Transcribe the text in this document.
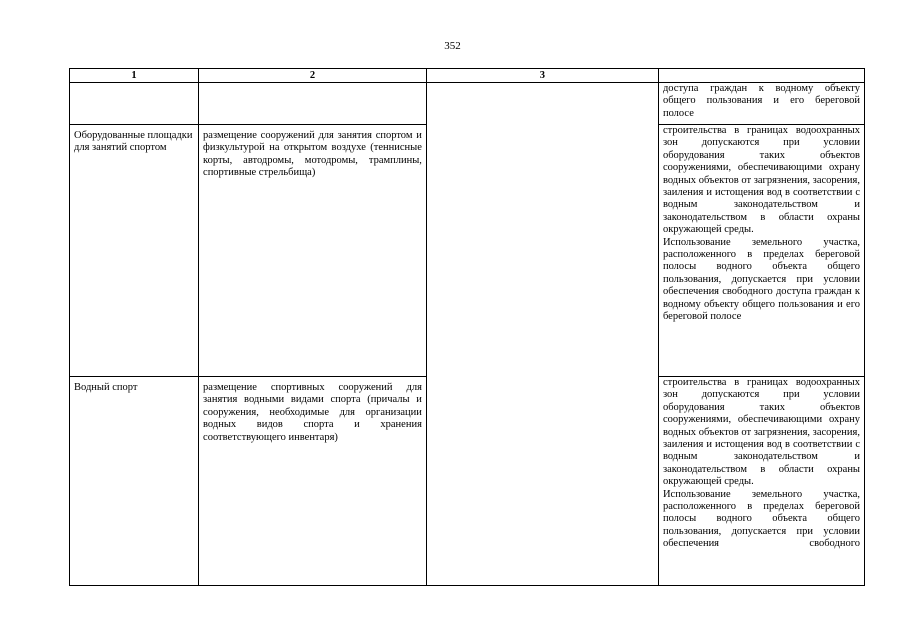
352
1	2	3	

			доступа граждан к водному объекту

общего пользования и его береговой

полосе

Оборудованные площадки для занятий спортом	размещение сооружений для занятия спортом и физкультурой на открытом воздухе (теннисные корты, автодромы, мотодромы, трамплины, спортивные стрельбища)		строительства в границах водоохранных зон допускаются при условии оборудования таких объектов сооружениями, обеспечивающими охрану водных объектов от загрязнения, засорения, заиления и истощения вод в соответствии с водным законодательством и законодательством в области охраны окружающей среды.

Использование земельного участка, расположенного в пределах береговой полосы водного объекта общего пользования, допускается при условии обеспечения свободного доступа граждан к водному объекту общего пользования и его береговой полосе

Водный спорт	размещение спортивных сооружений для занятия водными видами спорта (причалы и сооружения, необходимые для организации водных видов спорта и хранения соответствующего инвентаря)		строительства в границах водоохранных зон допускаются при условии оборудования таких объектов сооружениями, обеспечивающими охрану водных объектов от загрязнения, засорения, заиления и истощения вод в соответствии с водным законодательством и законодательством в области охраны окружающей среды.

Использование земельного участка, расположенного в пределах береговой полосы водного объекта общего пользования, допускается при условии обеспечения свободного
